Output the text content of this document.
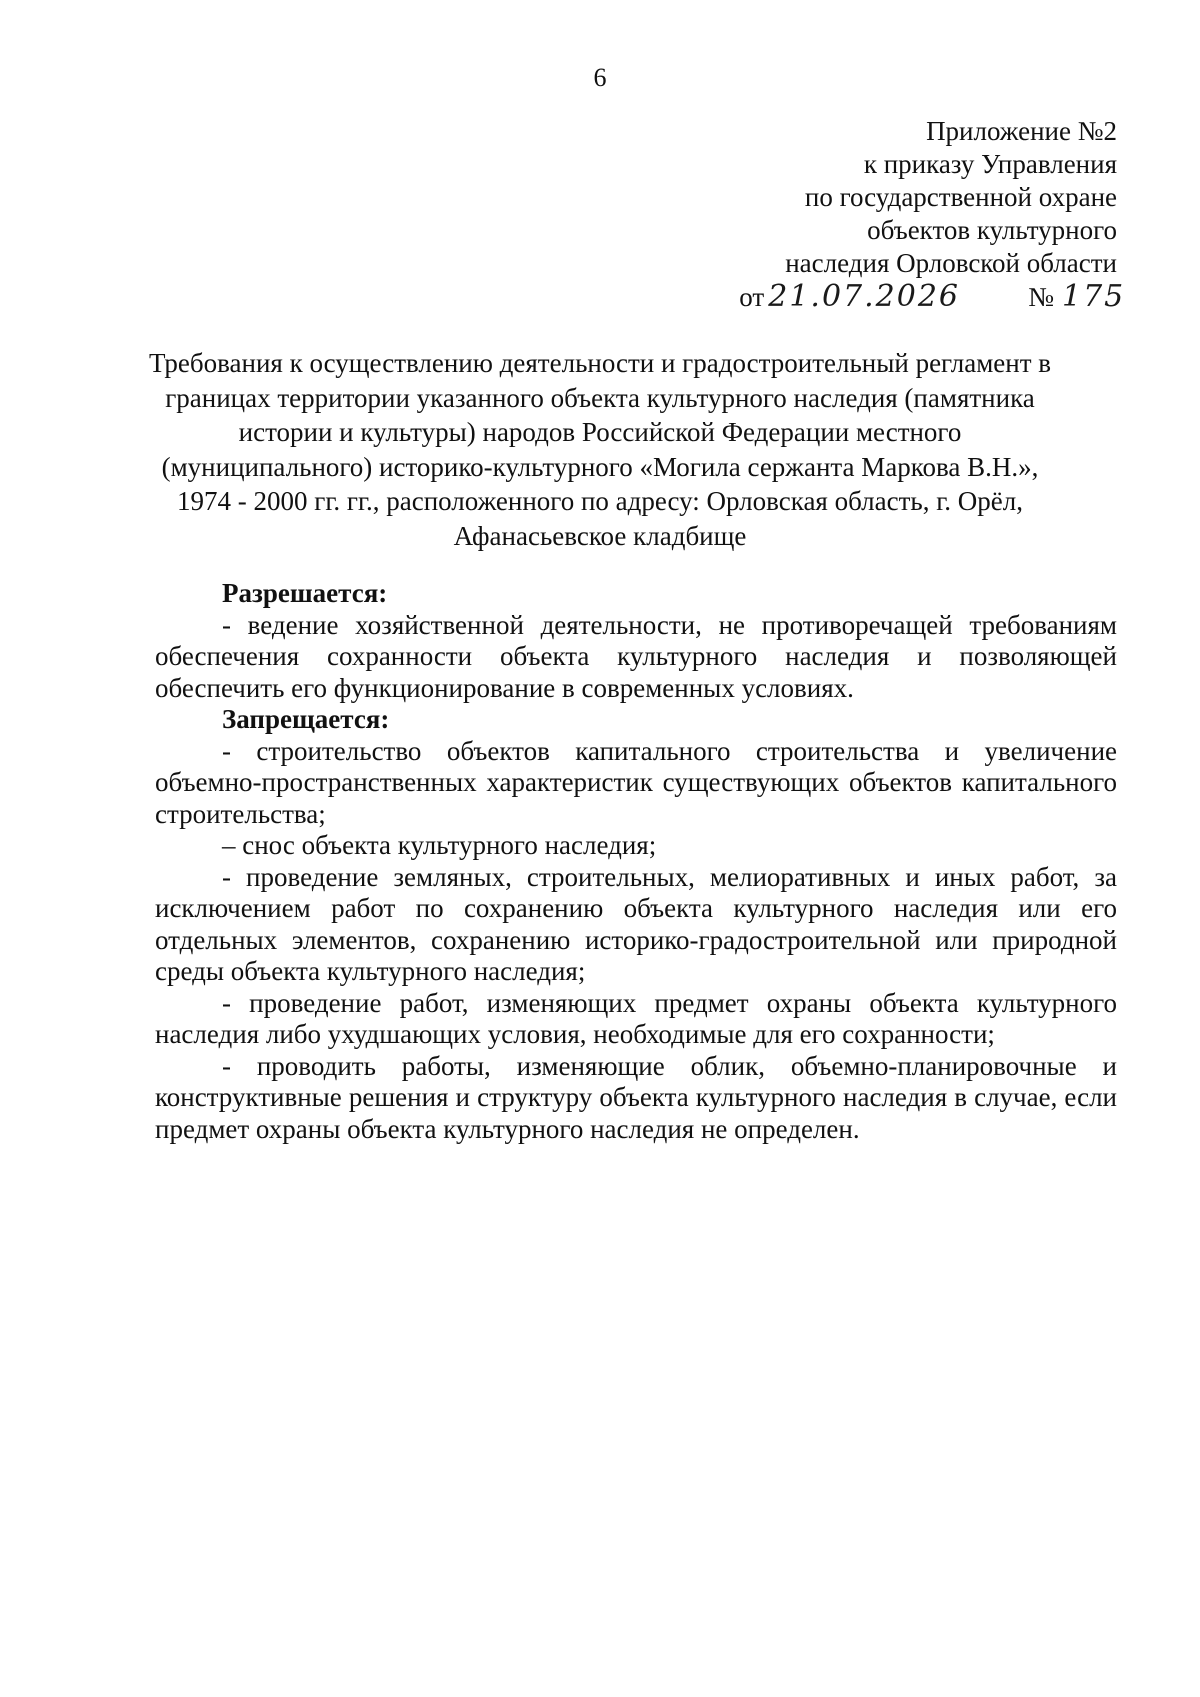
6
Приложение №2
к приказу Управления
по государственной охране
объектов культурного
наследия Орловской области
от 21.07.2026	№ 175
Требования к осуществлению деятельности и градостроительный регламент в
границах территории указанного объекта культурного наследия (памятника
истории и культуры) народов Российской Федерации местного
(муниципального) историко-культурного «Могила сержанта Маркова В.Н.»,
1974 - 2000 гг. гг., расположенного по адресу: Орловская область, г. Орёл,
Афанасьевское кладбище

Разрешается:

- ведение хозяйственной деятельности, не противоречащей требованиям обеспечения сохранности объекта культурного наследия и позволяющей обеспечить его функционирование в современных условиях.

Запрещается:

- строительство объектов капитального строительства и увеличение объемно-пространственных характеристик существующих объектов капитального строительства;

– снос объекта культурного наследия;

- проведение земляных, строительных, мелиоративных и иных работ, за исключением работ по сохранению объекта культурного наследия или его отдельных элементов, сохранению историко-градостроительной или природной среды объекта культурного наследия;

- проведение работ, изменяющих предмет охраны объекта культурного наследия либо ухудшающих условия, необходимые для его сохранности;

- проводить работы, изменяющие облик, объемно-планировочные и конструктивные решения и структуру объекта культурного наследия в случае, если предмет охраны объекта культурного наследия не определен.
